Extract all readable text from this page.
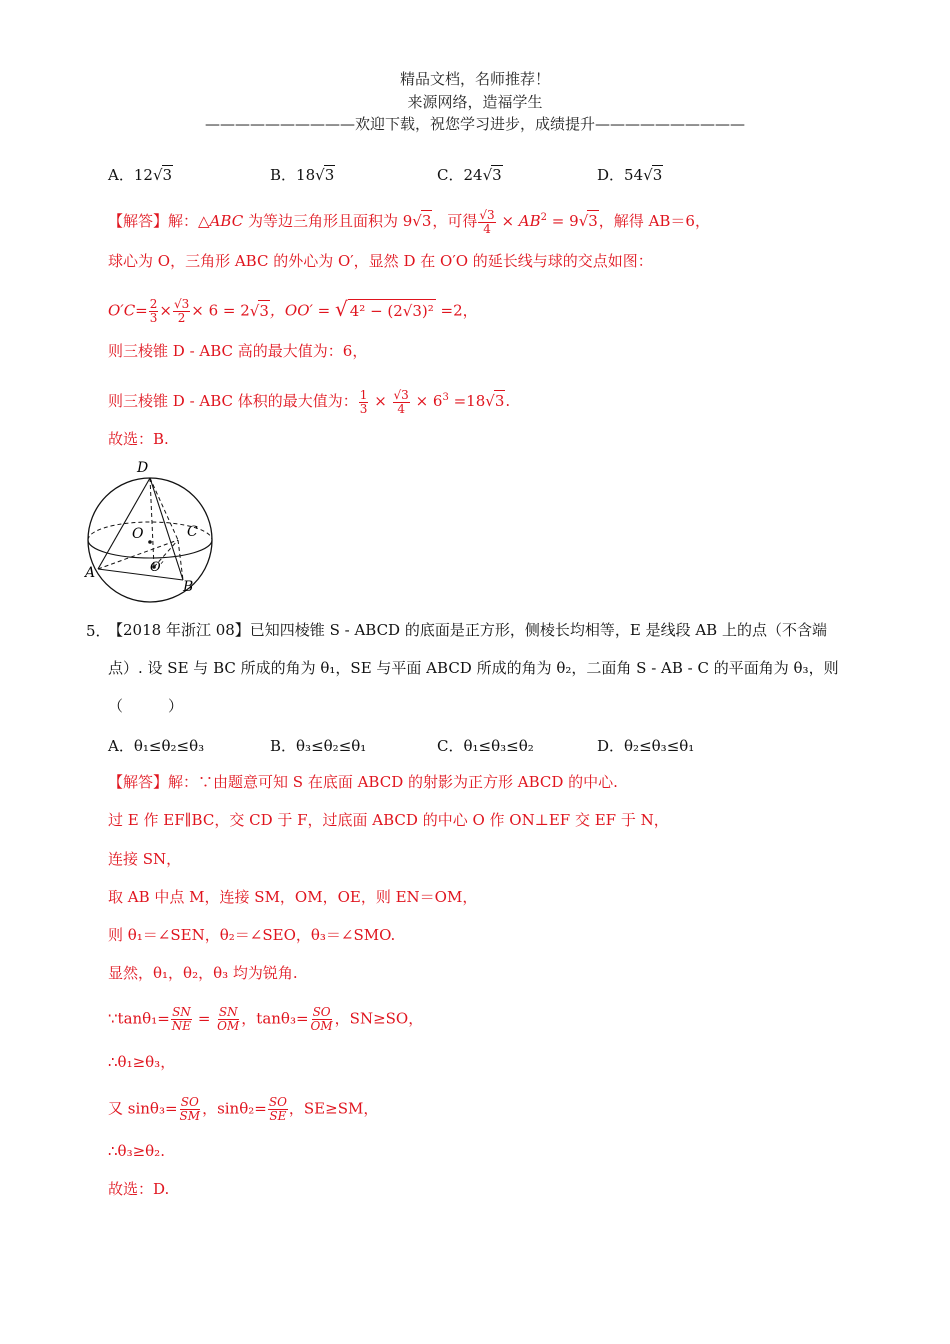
精品文档，名师推荐！
来源网络，造福学生
——————————欢迎下载，祝您学习进步，成绩提升——————————
A．12√3	B．18√3	C．24√3	D．54√3
【解答】解：△ABC 为等边三角形且面积为 9√3，可得 $\frac{√3}{4} \times AB^2 = 9√3$，解得 AB＝6，
球心为 O，三角形 ABC 的外心为 O′，显然 D 在 O′O 的延长线与球的交点如图：
$O'C= \frac{2}{3} \times \frac{√3}{2} \times 6 = 2√3$，OO′ = √ 4² − (2√3)² =2，
则三棱锥 D - ABC 高的最大值为：6，
则三棱锥 D - ABC 体积的最大值为： $\frac{1}{3} \times \frac{√3}{4} \times 6^3 =18√3$.
故选：B.
D
O	C
O′
A
B
5．
【2018 年浙江 08】已知四棱锥 S - ABCD 的底面是正方形，侧棱长均相等，E 是线段 AB 上的点（不含端
点）. 设 SE 与 BC 所成的角为 θ₁，SE 与平面 ABCD 所成的角为 θ₂，二面角 S - AB - C 的平面角为 θ₃，则
（　　　）
A．θ₁≤θ₂≤θ₃	B．θ₃≤θ₂≤θ₁	C．θ₁≤θ₃≤θ₂	D．θ₂≤θ₃≤θ₁
【解答】解：∵由题意可知 S 在底面 ABCD 的射影为正方形 ABCD 的中心.
过 E 作 EF∥BC，交 CD 于 F，过底面 ABCD 的中心 O 作 ON⊥EF 交 EF 于 N，
连接 SN，
取 AB 中点 M，连接 SM，OM，OE，则 EN＝OM，
则 θ₁＝∠SEN，θ₂＝∠SEO，θ₃＝∠SMO.
显然，θ₁，θ₂，θ₃ 均为锐角.
∵tanθ₁= $\frac{SN}{NE} = \frac{SN}{OM}$ ，$\tan\theta_3= \frac{SO}{OM}$ ，SN≥SO，
∴θ₁≥θ₃，
又 $\sin\theta_3= \frac{SO}{SM}$ ，$\sin\theta_2= \frac{SO}{SE}$ ，SE≥SM，
∴θ₃≥θ₂.
故选：D.
